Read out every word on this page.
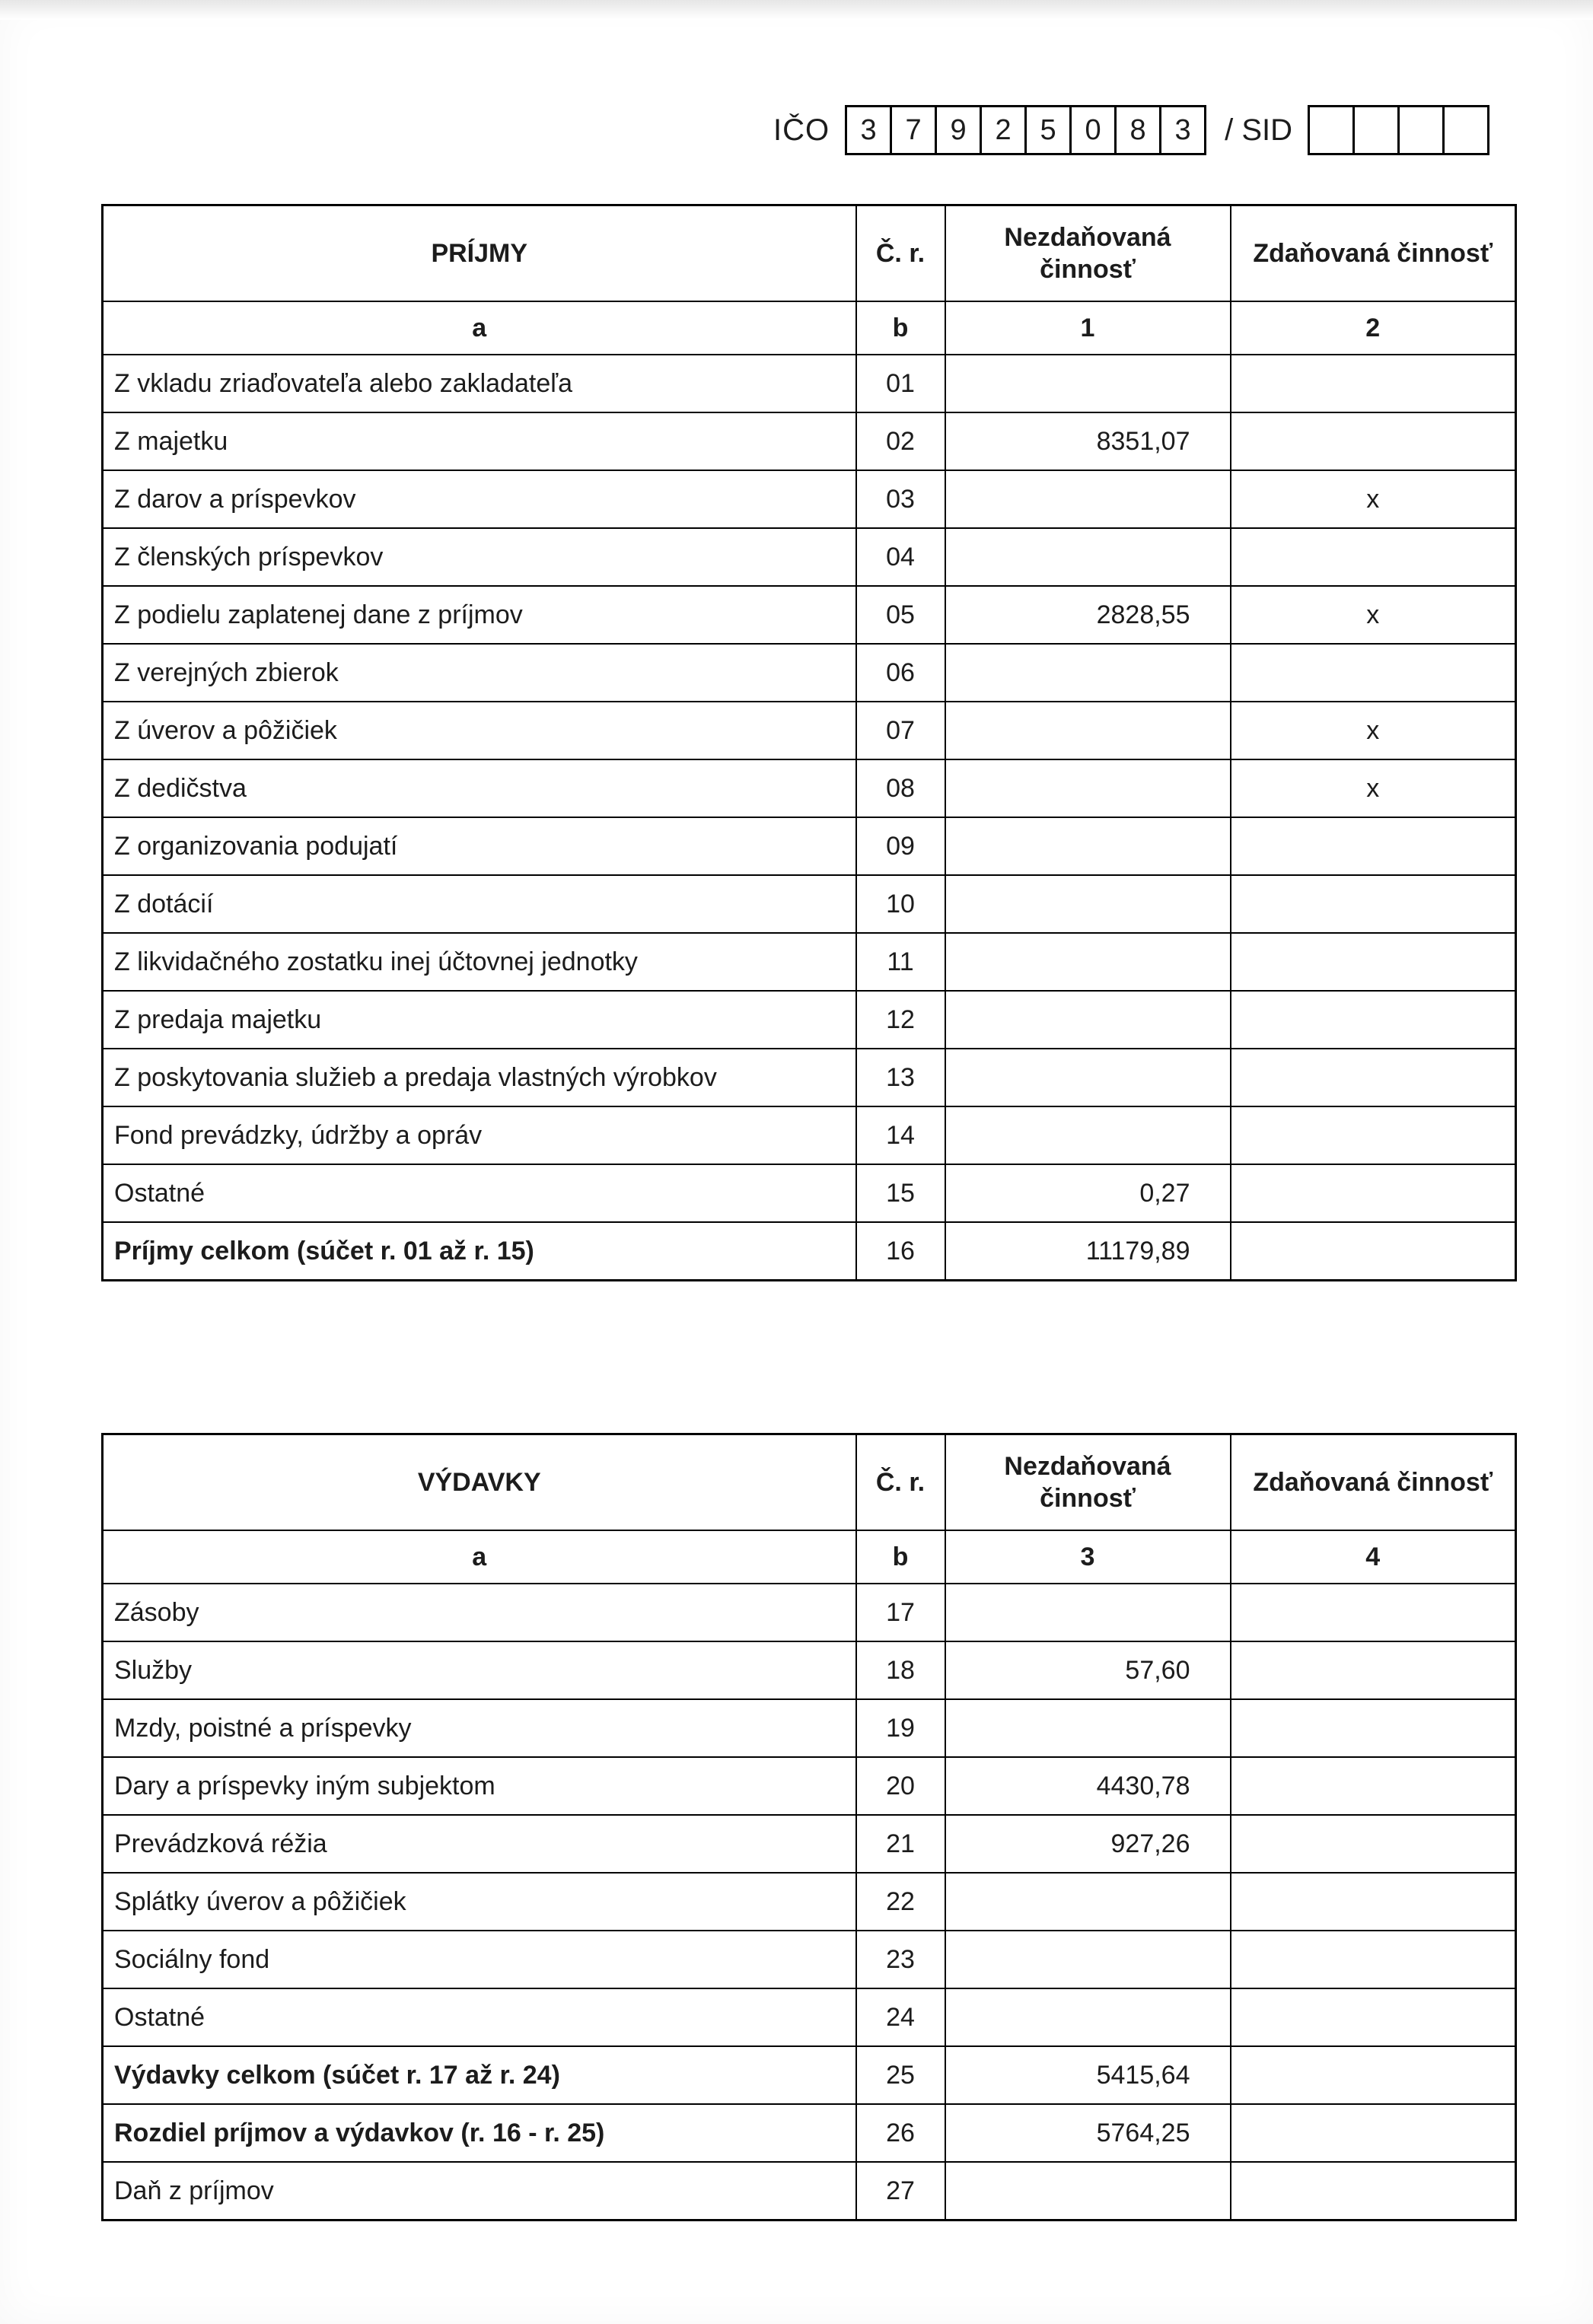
IČO	3 7 9 2 5 0 8 3	/ SID
PRÍJMY	Č. r.	Nezdaňovaná činnosť	Zdaňovaná činnosť
a	b	1	2
Z vkladu zriaďovateľa alebo zakladateľa	01		
Z majetku	02	8351,07	
Z darov a príspevkov	03		x
Z členských príspevkov	04		
Z podielu zaplatenej dane z príjmov	05	2828,55	x
Z verejných zbierok	06		
Z úverov a pôžičiek	07		x
Z dedičstva	08		x
Z organizovania podujatí	09		
Z dotácií	10		
Z likvidačného zostatku inej účtovnej jednotky	11		
Z predaja majetku	12		
Z poskytovania služieb a predaja vlastných výrobkov	13		
Fond prevádzky, údržby a opráv	14		
Ostatné	15	0,27	
Príjmy celkom (súčet r. 01 až r. 15)	16	11179,89	
VÝDAVKY	Č. r.	Nezdaňovaná činnosť	Zdaňovaná činnosť
a	b	3	4
Zásoby	17		
Služby	18	57,60	
Mzdy, poistné a príspevky	19		
Dary a príspevky iným subjektom	20	4430,78	
Prevádzková réžia	21	927,26	
Splátky úverov a pôžičiek	22		
Sociálny fond	23		
Ostatné	24		
Výdavky celkom (súčet r. 17 až r. 24)	25	5415,64	
Rozdiel príjmov a výdavkov (r. 16 - r. 25)	26	5764,25	
Daň z príjmov	27		
